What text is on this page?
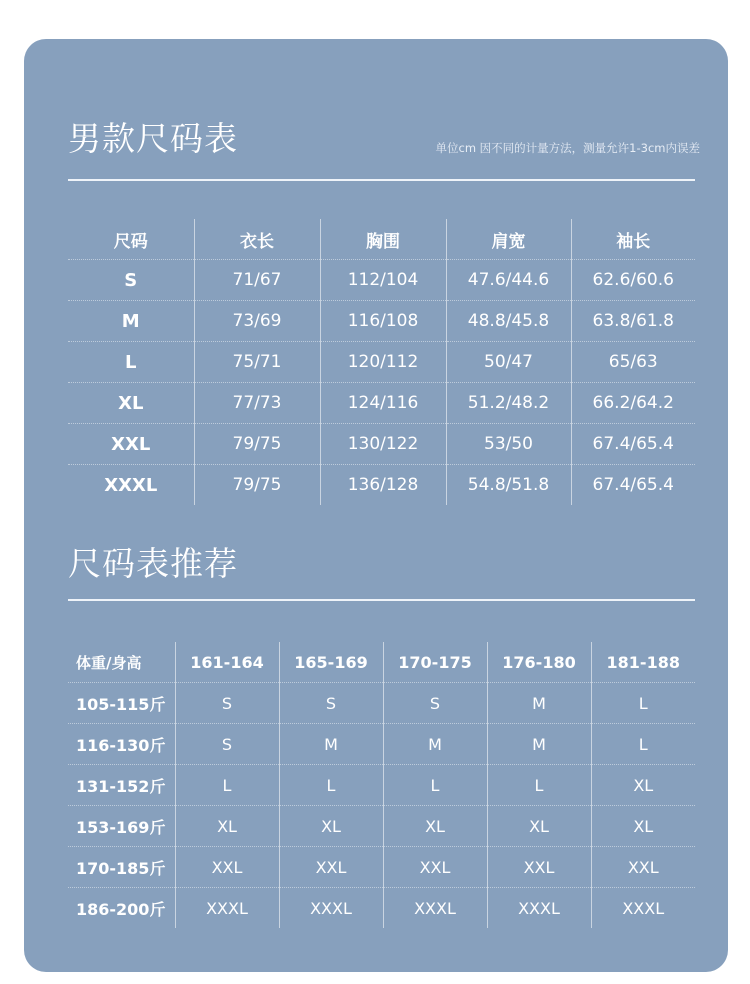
男款尺码表	单位cm 因不同的计量方法，测量允许1-3cm内误差
尺码	衣长	胸围	肩宽	袖长
S	71/67	112/104	47.6/44.6	62.6/60.6
M	73/69	116/108	48.8/45.8	63.8/61.8
L	75/71	120/112	50/47	65/63
XL	77/73	124/116	51.2/48.2	66.2/64.2
XXL	79/75	130/122	53/50	67.4/65.4
XXXL	79/75	136/128	54.8/51.8	67.4/65.4
尺码表推荐
体重/身高	161-164	165-169	170-175	176-180	181-188
105-115斤	S	S	S	M	L
116-130斤	S	M	M	M	L
131-152斤	L	L	L	L	XL
153-169斤	XL	XL	XL	XL	XL
170-185斤	XXL	XXL	XXL	XXL	XXL
186-200斤	XXXL	XXXL	XXXL	XXXL	XXXL
